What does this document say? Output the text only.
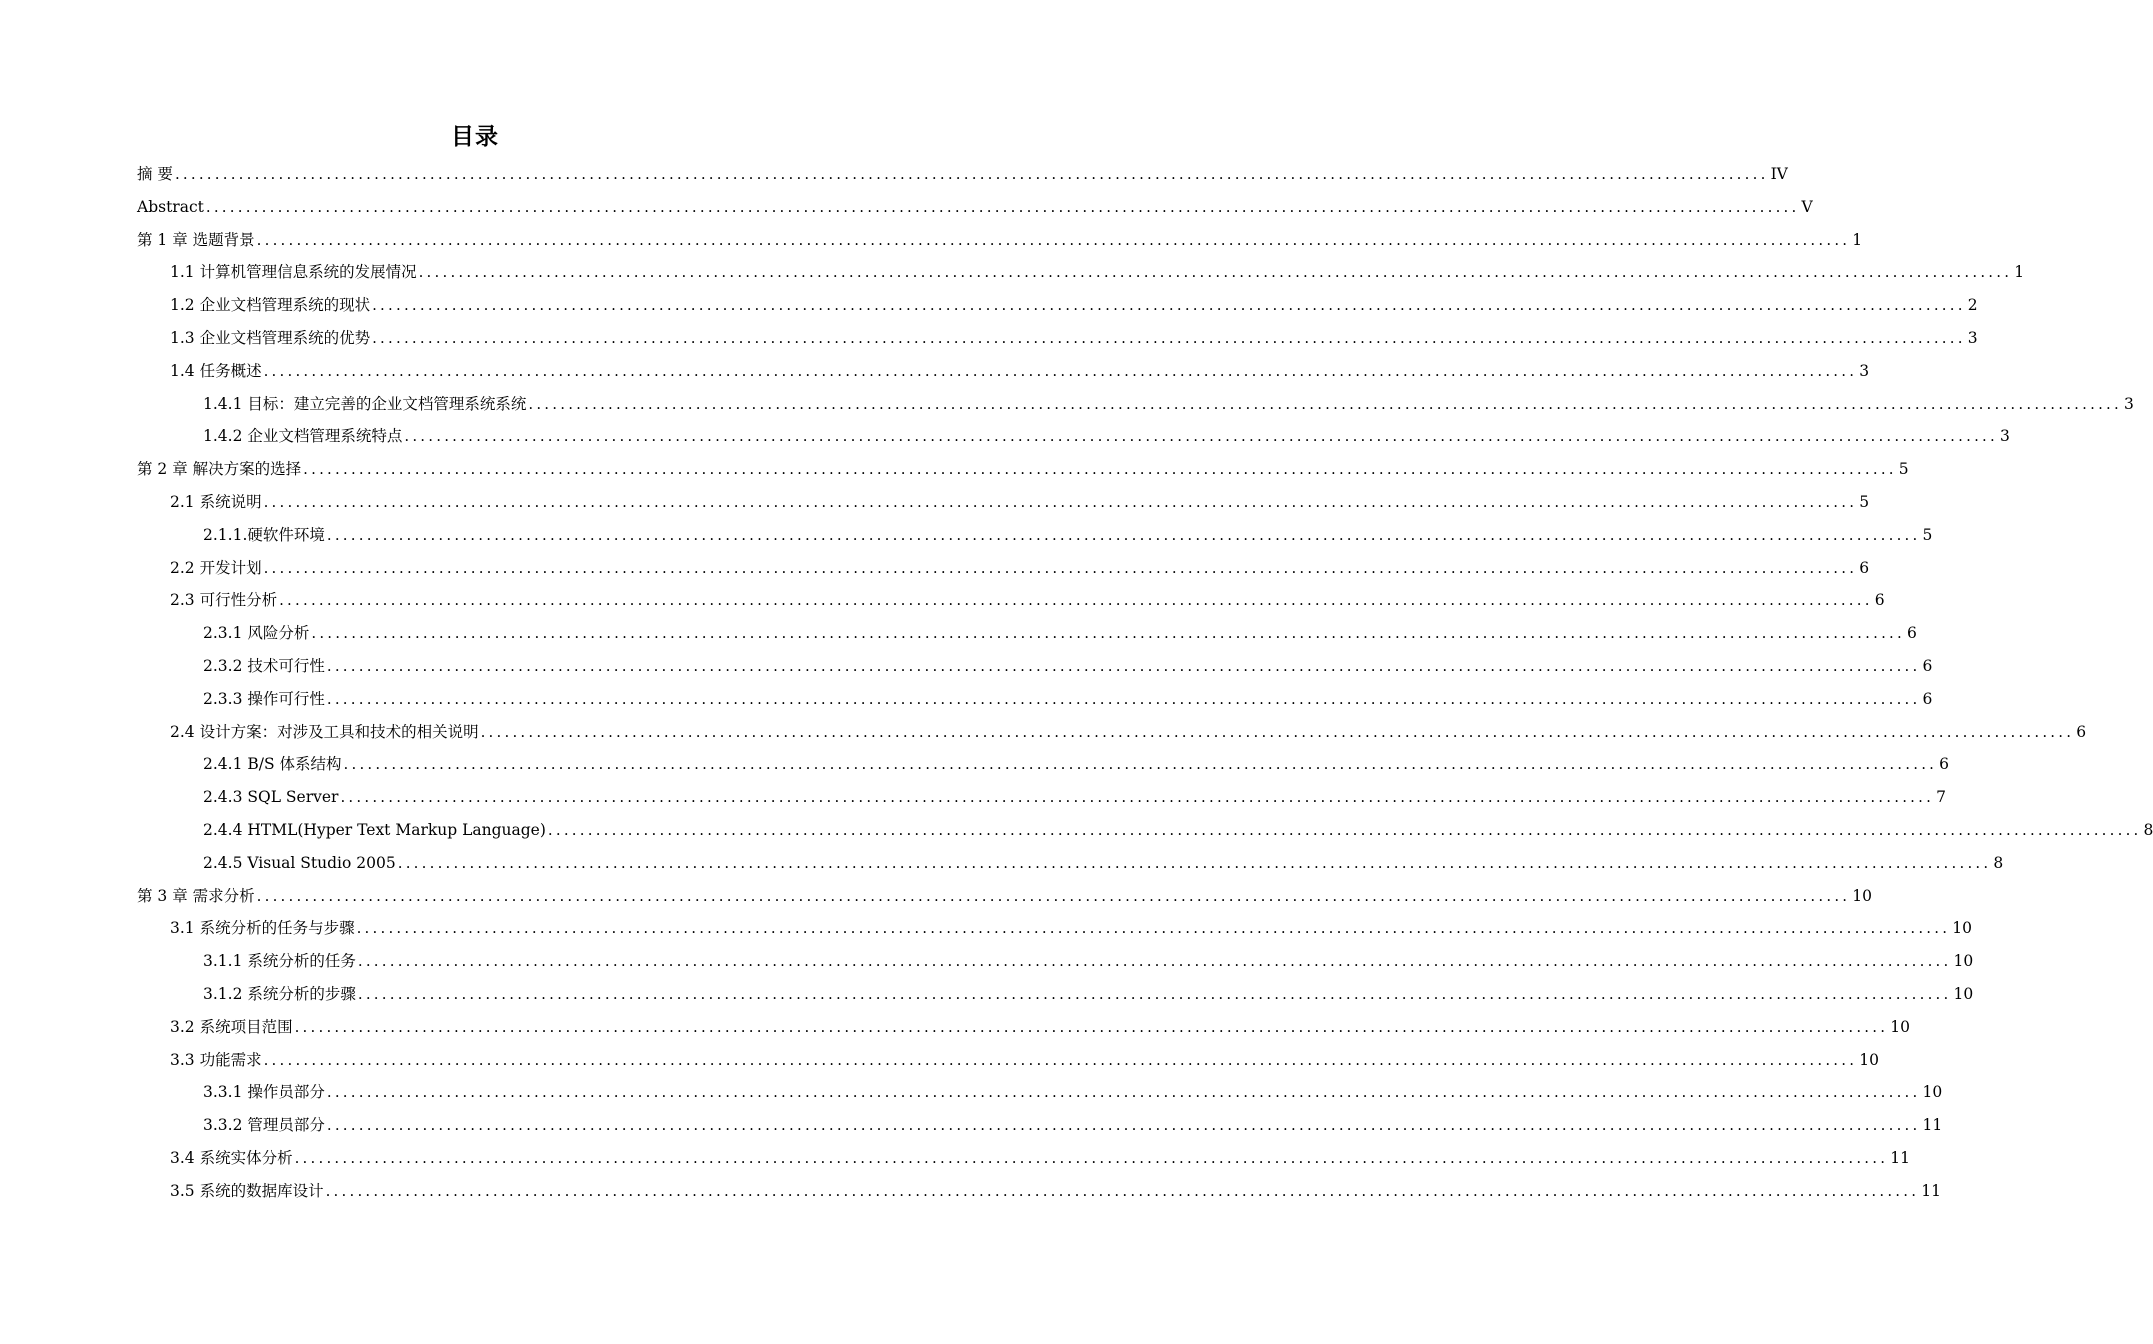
目录
摘 要 ........................................................................................................................................................................................................ IV
Abstract ........................................................................................................................................................................................................ V
第 1 章 选题背景 ........................................................................................................................................................................................................ 1
1.1 计算机管理信息系统的发展情况 ........................................................................................................................................................................................................ 1
1.2 企业文档管理系统的现状 ........................................................................................................................................................................................................ 2
1.3 企业文档管理系统的优势 ........................................................................................................................................................................................................ 3
1.4 任务概述 ........................................................................................................................................................................................................ 3
1.4.1 目标：建立完善的企业文档管理系统系统 ........................................................................................................................................................................................................ 3
1.4.2 企业文档管理系统特点 ........................................................................................................................................................................................................ 3
第 2 章 解决方案的选择 ........................................................................................................................................................................................................ 5
2.1 系统说明 ........................................................................................................................................................................................................ 5
2.1.1.硬软件环境 ........................................................................................................................................................................................................ 5
2.2 开发计划 ........................................................................................................................................................................................................ 6
2.3 可行性分析 ........................................................................................................................................................................................................ 6
2.3.1 风险分析 ........................................................................................................................................................................................................ 6
2.3.2 技术可行性 ........................................................................................................................................................................................................ 6
2.3.3 操作可行性 ........................................................................................................................................................................................................ 6
2.4 设计方案：对涉及工具和技术的相关说明 ........................................................................................................................................................................................................ 6
2.4.1 B/S 体系结构 ........................................................................................................................................................................................................ 6
2.4.3 SQL Server ........................................................................................................................................................................................................ 7
2.4.4 HTML(Hyper Text Markup Language) ........................................................................................................................................................................................................ 8
2.4.5 Visual Studio 2005 ........................................................................................................................................................................................................ 8
第 3 章 需求分析 ........................................................................................................................................................................................................ 10
3.1 系统分析的任务与步骤 ........................................................................................................................................................................................................ 10
3.1.1 系统分析的任务 ........................................................................................................................................................................................................ 10
3.1.2 系统分析的步骤 ........................................................................................................................................................................................................ 10
3.2 系统项目范围 ........................................................................................................................................................................................................ 10
3.3 功能需求 ........................................................................................................................................................................................................ 10
3.3.1 操作员部分 ........................................................................................................................................................................................................ 10
3.3.2 管理员部分 ........................................................................................................................................................................................................ 11
3.4 系统实体分析 ........................................................................................................................................................................................................ 11
3.5 系统的数据库设计 ........................................................................................................................................................................................................ 11
